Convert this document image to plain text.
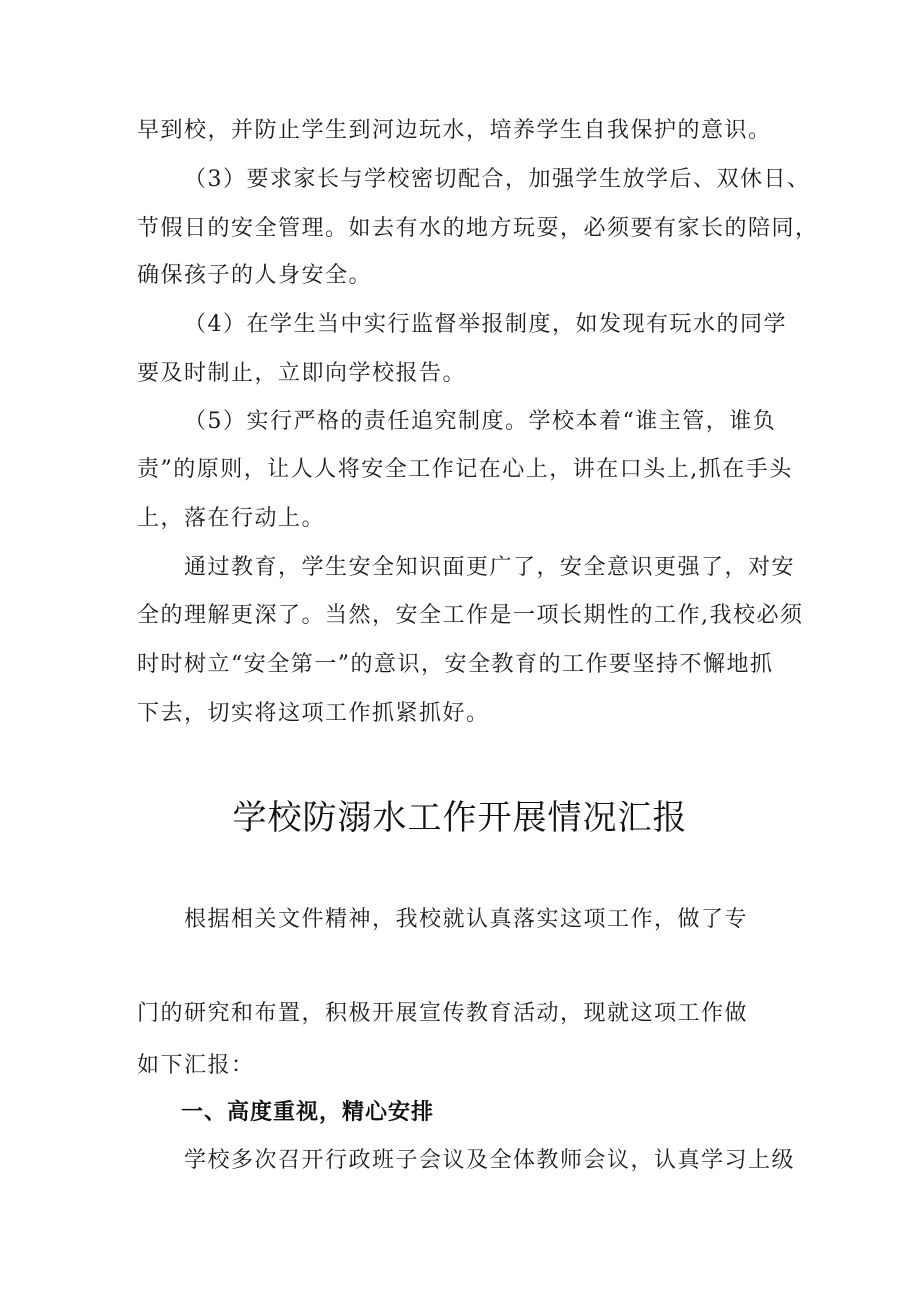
早到校，并防止学生到河边玩水，培养学生自我保护的意识。
（3）要求家长与学校密切配合，加强学生放学后、双休日、
节假日的安全管理。如去有水的地方玩耍，必须要有家长的陪同，
确保孩子的人身安全。
（4）在学生当中实行监督举报制度，如发现有玩水的同学
要及时制止，立即向学校报告。
（5）实行严格的责任追究制度。学校本着“谁主管，谁负
责”的原则，让人人将安全工作记在心上，讲在口头上,抓在手头
上，落在行动上。
通过教育，学生安全知识面更广了，安全意识更强了，对安
全的理解更深了。当然，安全工作是一项长期性的工作,我校必须
时时树立“安全第一”的意识，安全教育的工作要坚持不懈地抓
下去，切实将这项工作抓紧抓好。
学校防溺水工作开展情况汇报
根据相关文件精神，我校就认真落实这项工作，做了专
门的研究和布置，积极开展宣传教育活动，现就这项工作做
如下汇报：
一、高度重视，精心安排
学校多次召开行政班子会议及全体教师会议，认真学习上级
